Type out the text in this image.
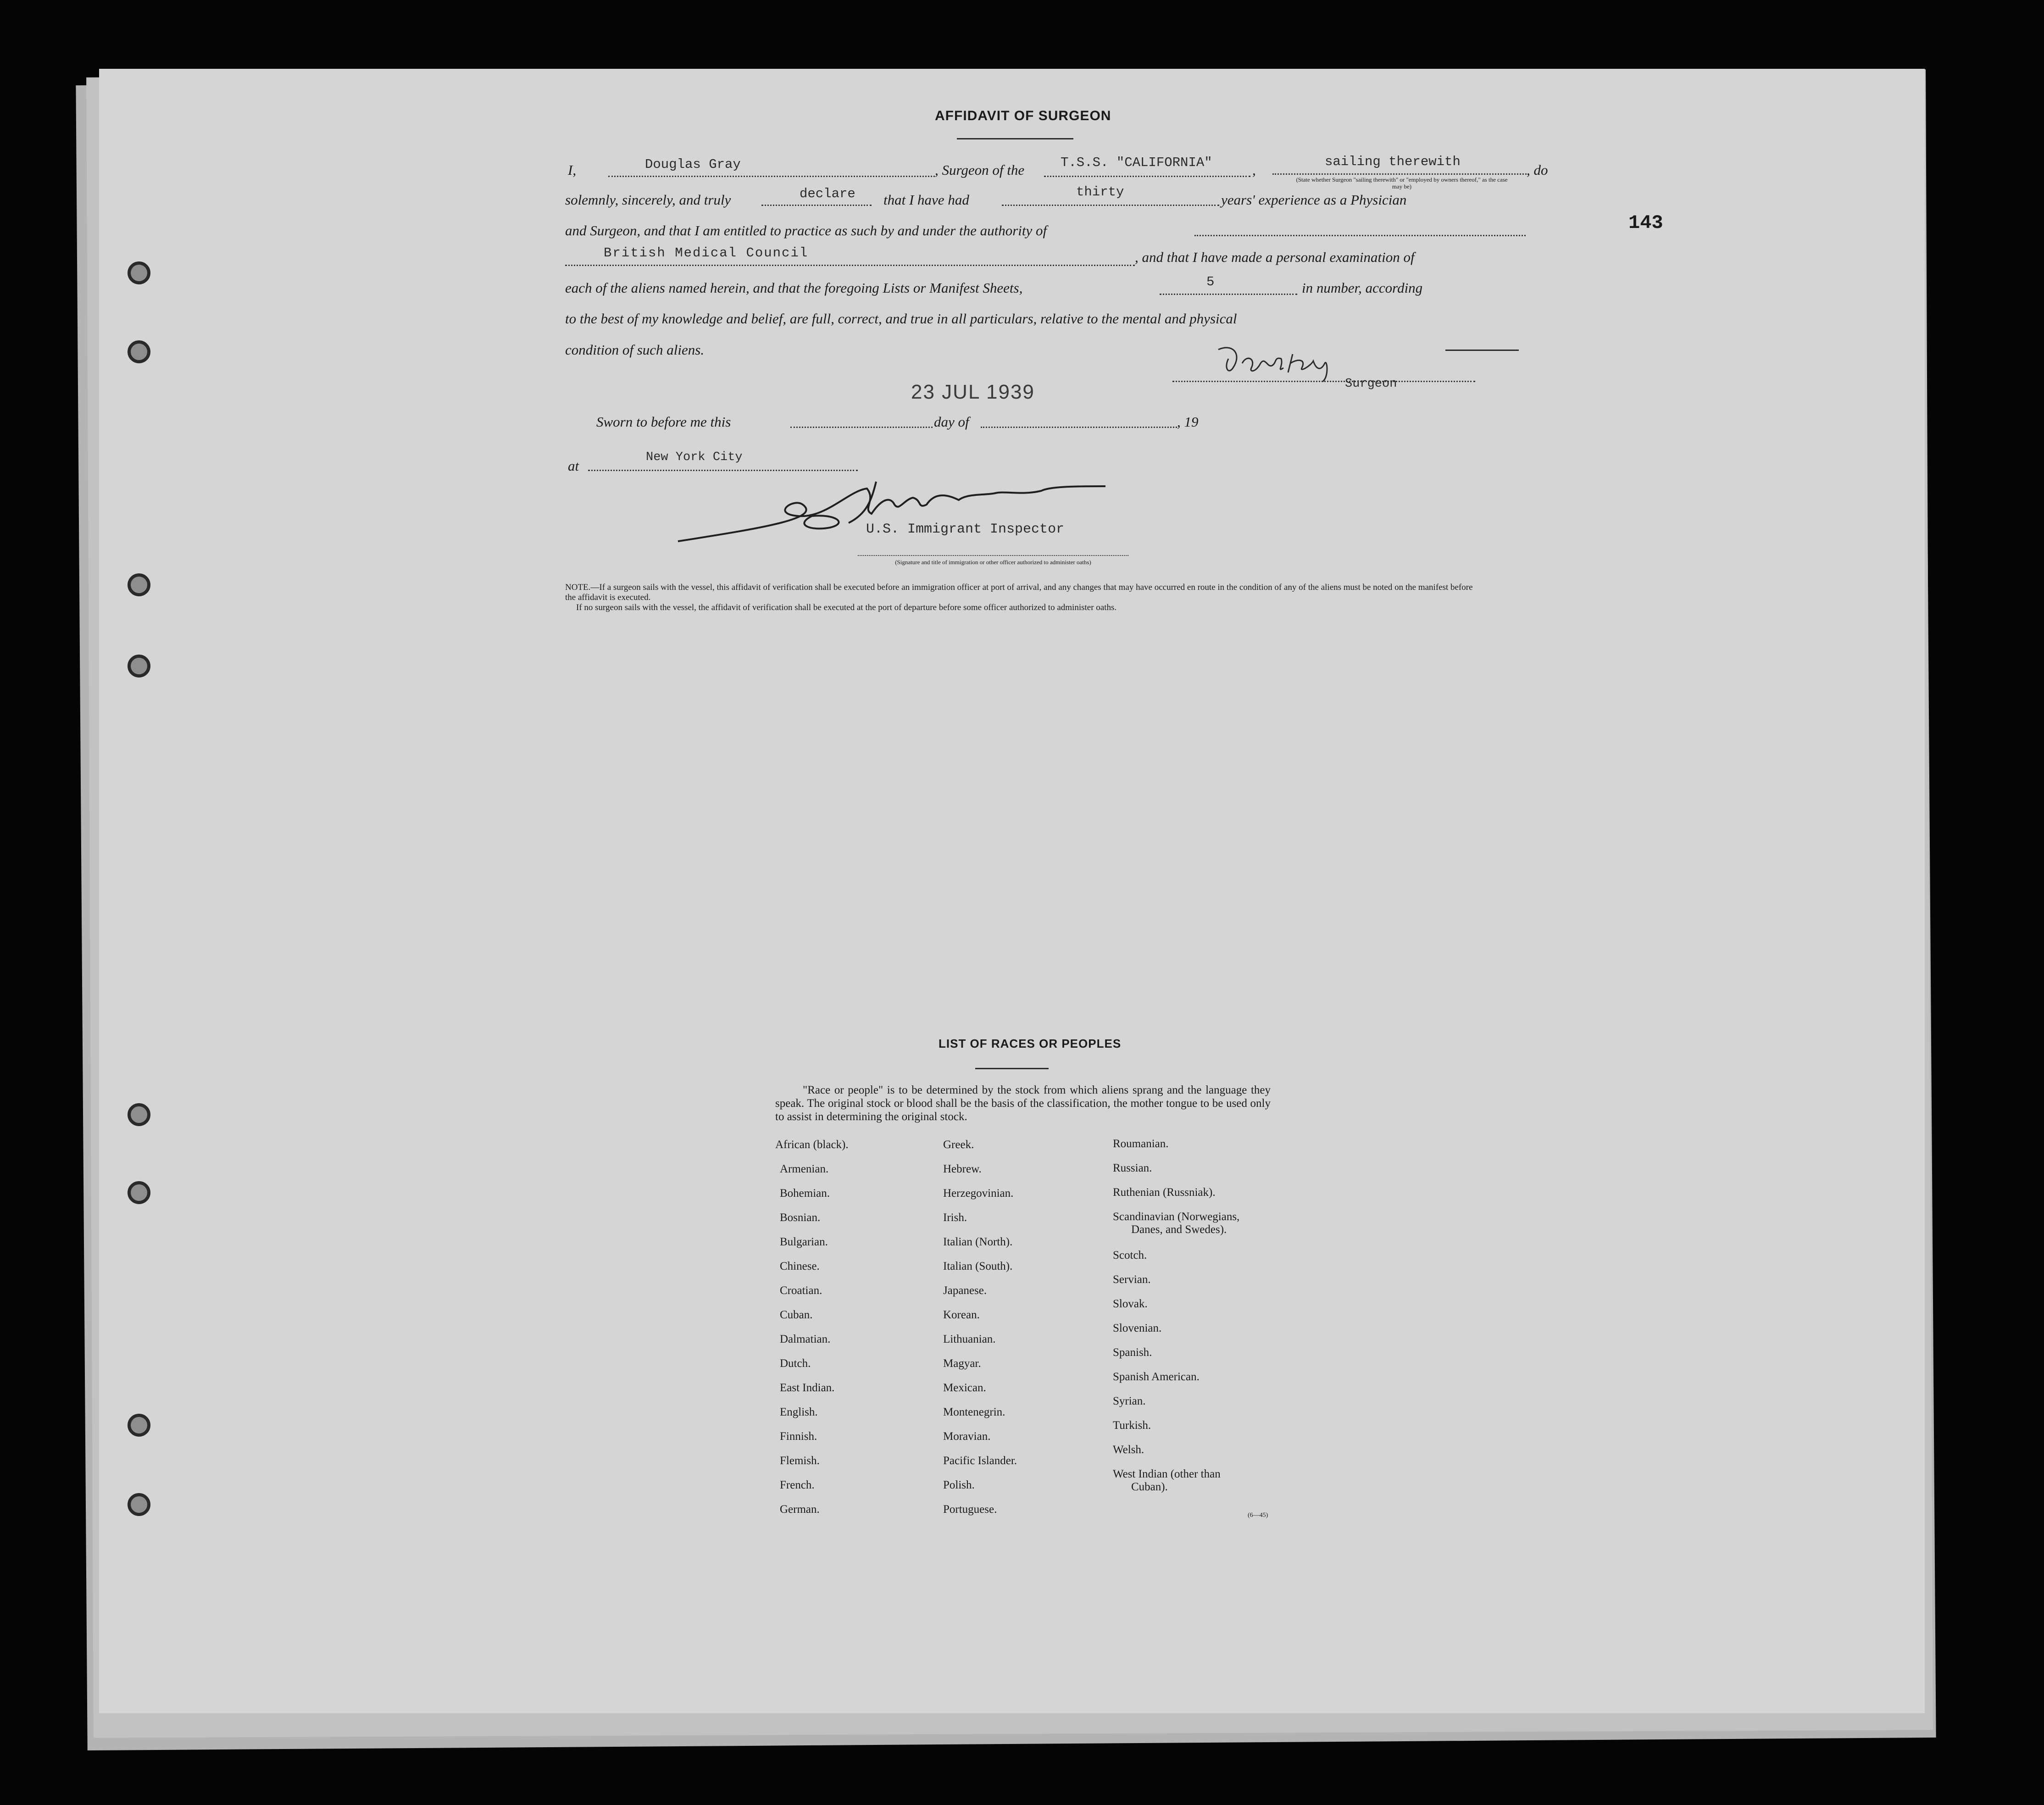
143
AFFIDAVIT OF SURGEON
I,	Douglas Gray	, Surgeon of the	T.S.S. "CALIFORNIA"	,
sailing therewith
, do
(State whether Surgeon "sailing therewith" or "employed by owners thereof," as the case may be)
solemnly, sincerely, and truly	declare that I have had	thirty	years' experience as a Physician
and Surgeon, and that I am entitled to practice as such by and under the authority of
British Medical Council	, and that I have made a personal examination of
each of the aliens named herein, and that the foregoing Lists or Manifest Sheets,	5	in number, according
to the best of my knowledge and belief, are full, correct, and true in all particulars, relative to the mental and physical
condition of such aliens.
Surgeon
23 JUL 1939
Sworn to before me this	day of	, 19
at
New York City
U.S. Immigrant Inspector
(Signature and title of immigration or other officer authorized to administer oaths)
NOTE.—If a surgeon sails with the vessel, this affidavit of verification shall be executed before an immigration officer at port of arrival, and any changes that may have occurred en route in the condition of any of the aliens must be noted on the manifest before the affidavit is executed.
If no surgeon sails with the vessel, the affidavit of verification shall be executed at the port of departure before some officer authorized to administer oaths.
LIST OF RACES OR PEOPLES
"Race or people" is to be determined by the stock from which aliens sprang and the language they speak. The original stock or blood shall be the basis of the classification, the mother tongue to be used only to assist in determining the original stock.
African (black).
Armenian.
Bohemian.
Bosnian.
Bulgarian.
Chinese.
Croatian.
Cuban.
Dalmatian.
Dutch.
East Indian.
English.
Finnish.
Flemish.
French.
German.
Greek.
Hebrew.
Herzegovinian.
Irish.
Italian (North).
Italian (South).
Japanese.
Korean.
Lithuanian.
Magyar.
Mexican.
Montenegrin.
Moravian.
Pacific Islander.
Polish.
Portuguese.
Roumanian.
Russian.
Ruthenian (Russniak).
Scandinavian (Norwegians,
Danes, and Swedes).
Scotch.
Servian.
Slovak.
Slovenian.
Spanish.
Spanish American.
Syrian.
Turkish.
Welsh.
West Indian (other than
Cuban).
(6—45)
